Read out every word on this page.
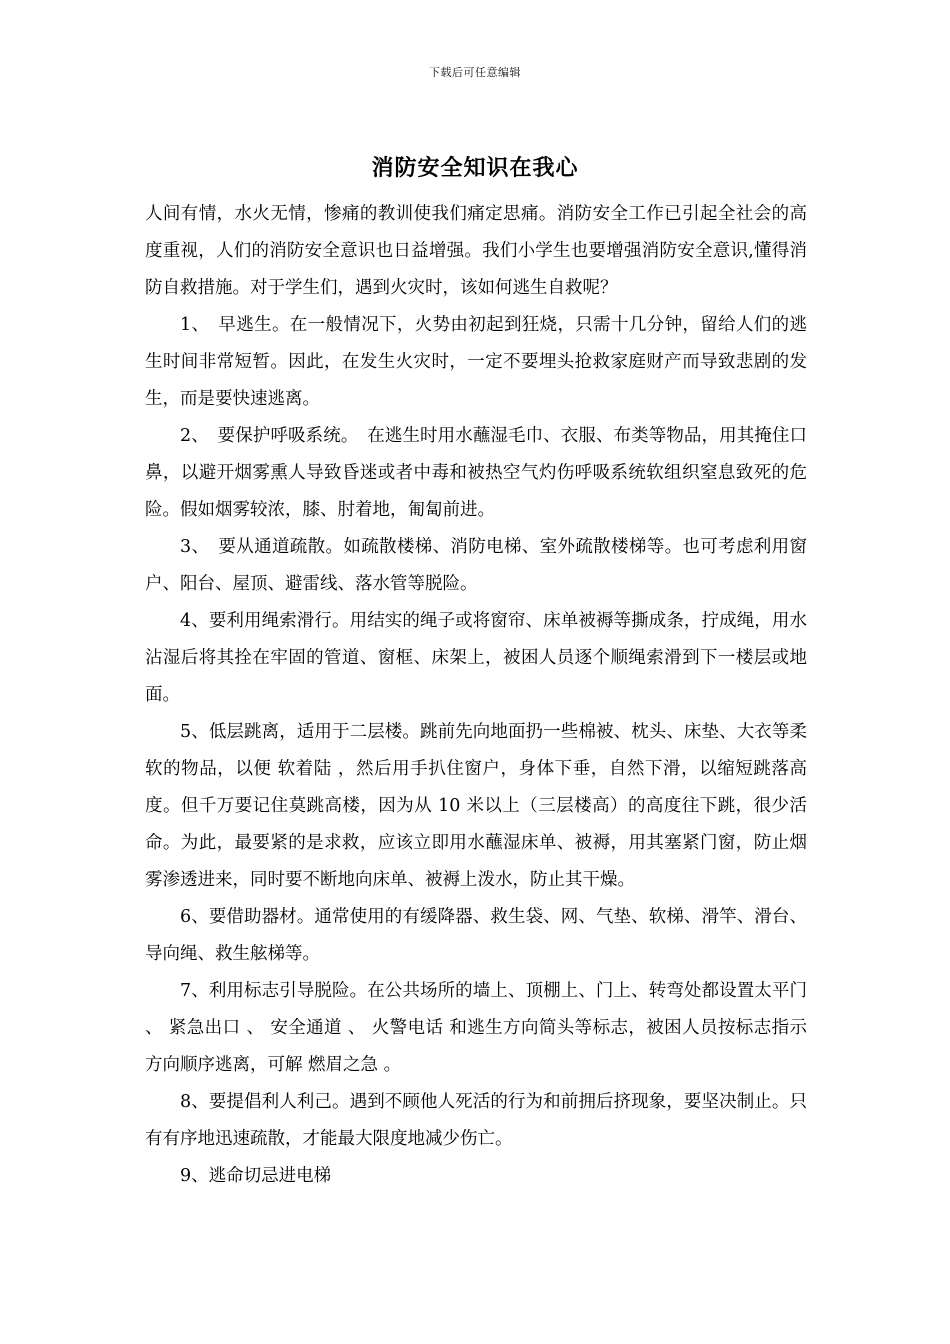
下载后可任意编辑
消防安全知识在我心

人间有情，水火无情，惨痛的教训使我们痛定思痛。消防安全工作已引起全社会的高度重视，人们的消防安全意识也日益增强。我们小学生也要增强消防安全意识,懂得消防自救措施。对于学生们，遇到火灾时，该如何逃生自救呢？

1、　早逃生。在一般情况下，火势由初起到狂烧，只需十几分钟，留给人们的逃生时间非常短暂。因此，在发生火灾时，一定不要埋头抢救家庭财产而导致悲剧的发生，而是要快速逃离。

2、　要保护呼吸系统。　在逃生时用水蘸湿毛巾、衣服、布类等物品，用其掩住口鼻，以避开烟雾熏人导致昏迷或者中毒和被热空气灼伤呼吸系统软组织窒息致死的危险。假如烟雾较浓，膝、肘着地，匍匐前进。

3、　要从通道疏散。如疏散楼梯、消防电梯、室外疏散楼梯等。也可考虑利用窗户、阳台、屋顶、避雷线、落水管等脱险。

4、要利用绳索滑行。用结实的绳子或将窗帘、床单被褥等撕成条，拧成绳，用水沾湿后将其拴在牢固的管道、窗框、床架上，被困人员逐个顺绳索滑到下一楼层或地面。

5、低层跳离，适用于二层楼。跳前先向地面扔一些棉被、枕头、床垫、大衣等柔软的物品，以便 软着陆 ，然后用手扒住窗户，身体下垂，自然下滑，以缩短跳落高度。但千万要记住莫跳高楼，因为从 10 米以上（三层楼高）的高度往下跳，很少活命。为此，最要紧的是求救，应该立即用水蘸湿床单、被褥，用其塞紧门窗，防止烟雾渗透进来，同时要不断地向床单、被褥上泼水，防止其干燥。

6、要借助器材。通常使用的有缓降器、救生袋、网、气垫、软梯、滑竿、滑台、导向绳、救生舷梯等。

7、利用标志引导脱险。在公共场所的墙上、顶棚上、门上、转弯处都设置太平门 、 紧急出口 、 安全通道 、 火警电话 和逃生方向简头等标志，被困人员按标志指示方向顺序逃离，可解 燃眉之急 。

8、要提倡利人利己。遇到不顾他人死活的行为和前拥后挤现象，要坚决制止。只有有序地迅速疏散，才能最大限度地减少伤亡。

9、逃命切忌进电梯
